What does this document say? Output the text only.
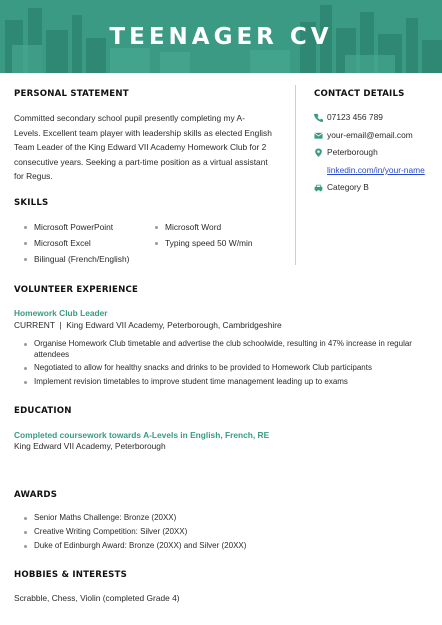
TEENAGER CV
PERSONAL STATEMENT
Committed secondary school pupil presently completing my A-
Levels. Excellent team player with leadership skills as elected English
Team Leader of the King Edward VII Academy Homework Club for 2
consecutive years. Seeking a part-time position as a virtual assistant
for Regus.
CONTACT DETAILS
07123 456 789
your-email@email.com
Peterborough
linkedin.com/in/your-name
Category B
SKILLS
Microsoft PowerPoint
Microsoft Excel
Bilingual (French/English)
Microsoft Word
Typing speed 50 W/min
VOLUNTEER EXPERIENCE
Homework Club Leader
CURRENT  |  King Edward VII Academy, Peterborough, Cambridgeshire
Organise Homework Club timetable and advertise the club schoolwide, resulting in 47% increase in regular
attendees
Negotiated to allow for healthy snacks and drinks to be provided to Homework Club participants
Implement revision timetables to improve student time management leading up to exams
EDUCATION
Completed coursework towards A-Levels in English, French, RE
King Edward VII Academy, Peterborough
AWARDS
Senior Maths Challenge: Bronze (20XX)
Creative Writing Competition: Silver (20XX)
Duke of Edinburgh Award: Bronze (20XX) and Silver (20XX)
HOBBIES & INTERESTS
Scrabble, Chess, Violin (completed Grade 4)
